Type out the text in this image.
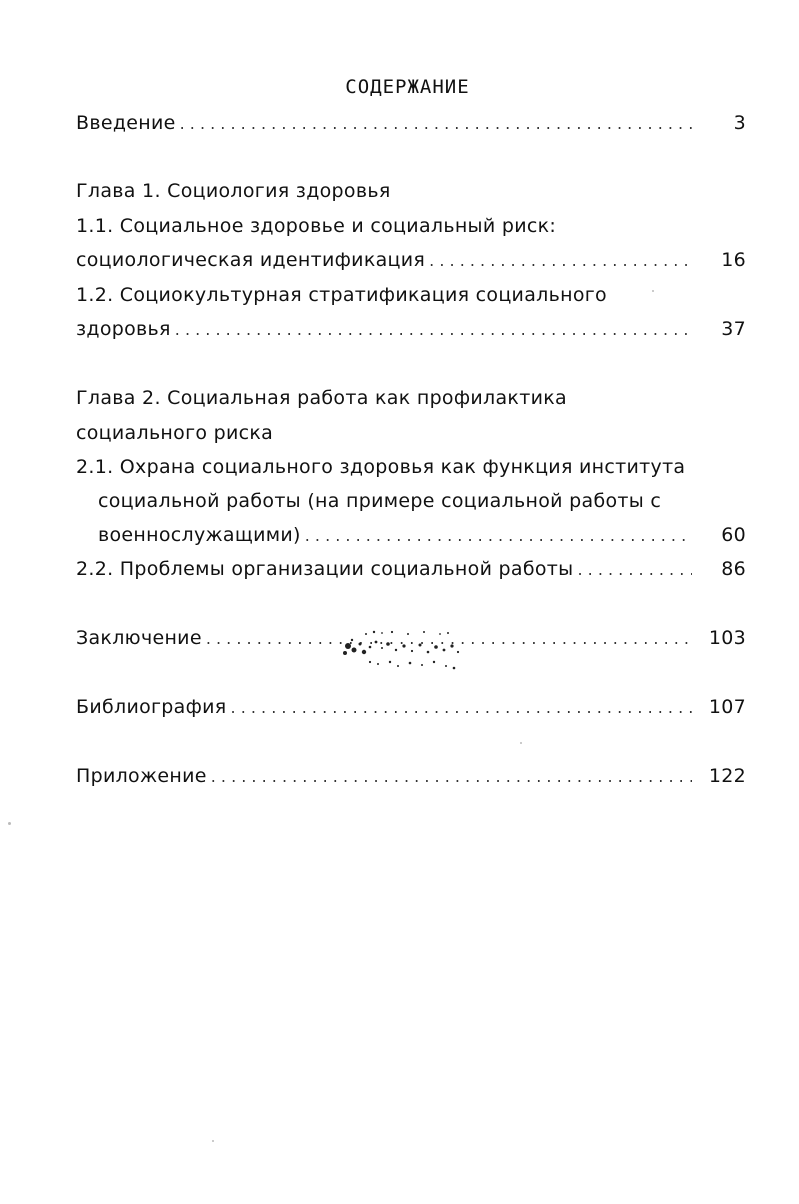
СОДЕРЖАНИЕ
Введение . . .	3
Глава 1. Социология здоровья
1.1. Социальное здоровье и социальный риск:
социологическая идентификация . . .	16
1.2. Социокультурная стратификация социального
здоровья . . .	37
Глава 2. Социальная работа как профилактика
социального риска
2.1. Охрана социального здоровья как функция института
социальной работы (на примере социальной работы с
военнослужащими) . . .	60
2.2. Проблемы организации социальной работы . . .	86
Заключение . . .	103
Библиография . . .	107
Приложение . . .	122
